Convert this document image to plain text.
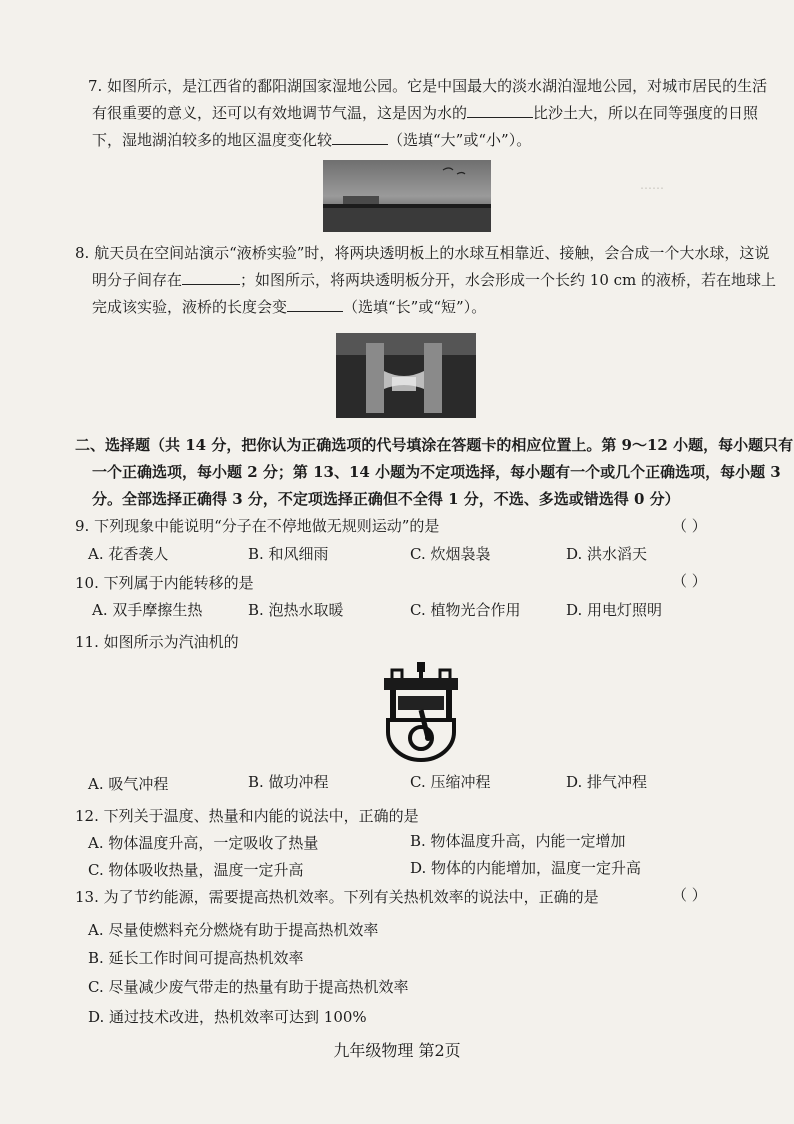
……
7. 如图所示，是江西省的鄱阳湖国家湿地公园。它是中国最大的淡水湖泊湿地公园，对城市居民的生活
有很重要的意义，还可以有效地调节气温，这是因为水的	比沙土大，所以在同等强度的日照
下，湿地湖泊较多的地区温度变化较	（选填“大”或“小”）。
8. 航天员在空间站演示“液桥实验”时，将两块透明板上的水球互相靠近、接触，会合成一个大水球，这说
明分子间存在	；如图所示，将两块透明板分开，水会形成一个长约 10 cm 的液桥，若在地球上
完成该实验，液桥的长度会变	（选填“长”或“短”）。
二、选择题（共 14 分，把你认为正确选项的代号填涂在答题卡的相应位置上。第 9～12 小题，每小题只有
一个正确选项，每小题 2 分；第 13、14 小题为不定项选择，每小题有一个或几个正确选项，每小题 3
分。全部选择正确得 3 分，不定项选择正确但不全得 1 分，不选、多选或错选得 0 分）
9. 下列现象中能说明“分子在不停地做无规则运动”的是	（ ）
A. 花香袭人	B. 和风细雨	C. 炊烟袅袅	D. 洪水滔天
10. 下列属于内能转移的是	（ ）
A. 双手摩擦生热	B. 泡热水取暖	C. 植物光合作用	D. 用电灯照明
11. 如图所示为汽油机的
A. 吸气冲程	B. 做功冲程	C. 压缩冲程	D. 排气冲程
12. 下列关于温度、热量和内能的说法中，正确的是
A. 物体温度升高，一定吸收了热量	B. 物体温度升高，内能一定增加
C. 物体吸收热量，温度一定升高	D. 物体的内能增加，温度一定升高
13. 为了节约能源，需要提高热机效率。下列有关热机效率的说法中，正确的是	（ ）
A. 尽量使燃料充分燃烧有助于提高热机效率
B. 延长工作时间可提高热机效率
C. 尽量减少废气带走的热量有助于提高热机效率
D. 通过技术改进，热机效率可达到 100%
九年级物理 第2页
